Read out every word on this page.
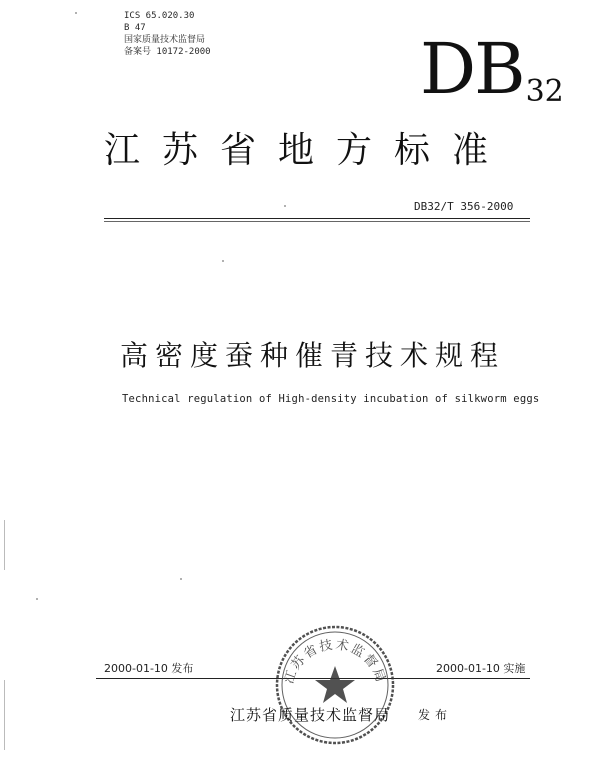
ICS 65.020.30
B 47
国家质量技术监督局
备案号 10172-2000	$DB_{32}$
江苏省地方标准
DB32/T 356-2000
高密度蚕种催青技术规程
Technical regulation of High-density incubation of silkworm eggs
2000-01-10 发布	2000-01-10 实施
江苏省技术监督局
江苏省质量技术监督局 发布
